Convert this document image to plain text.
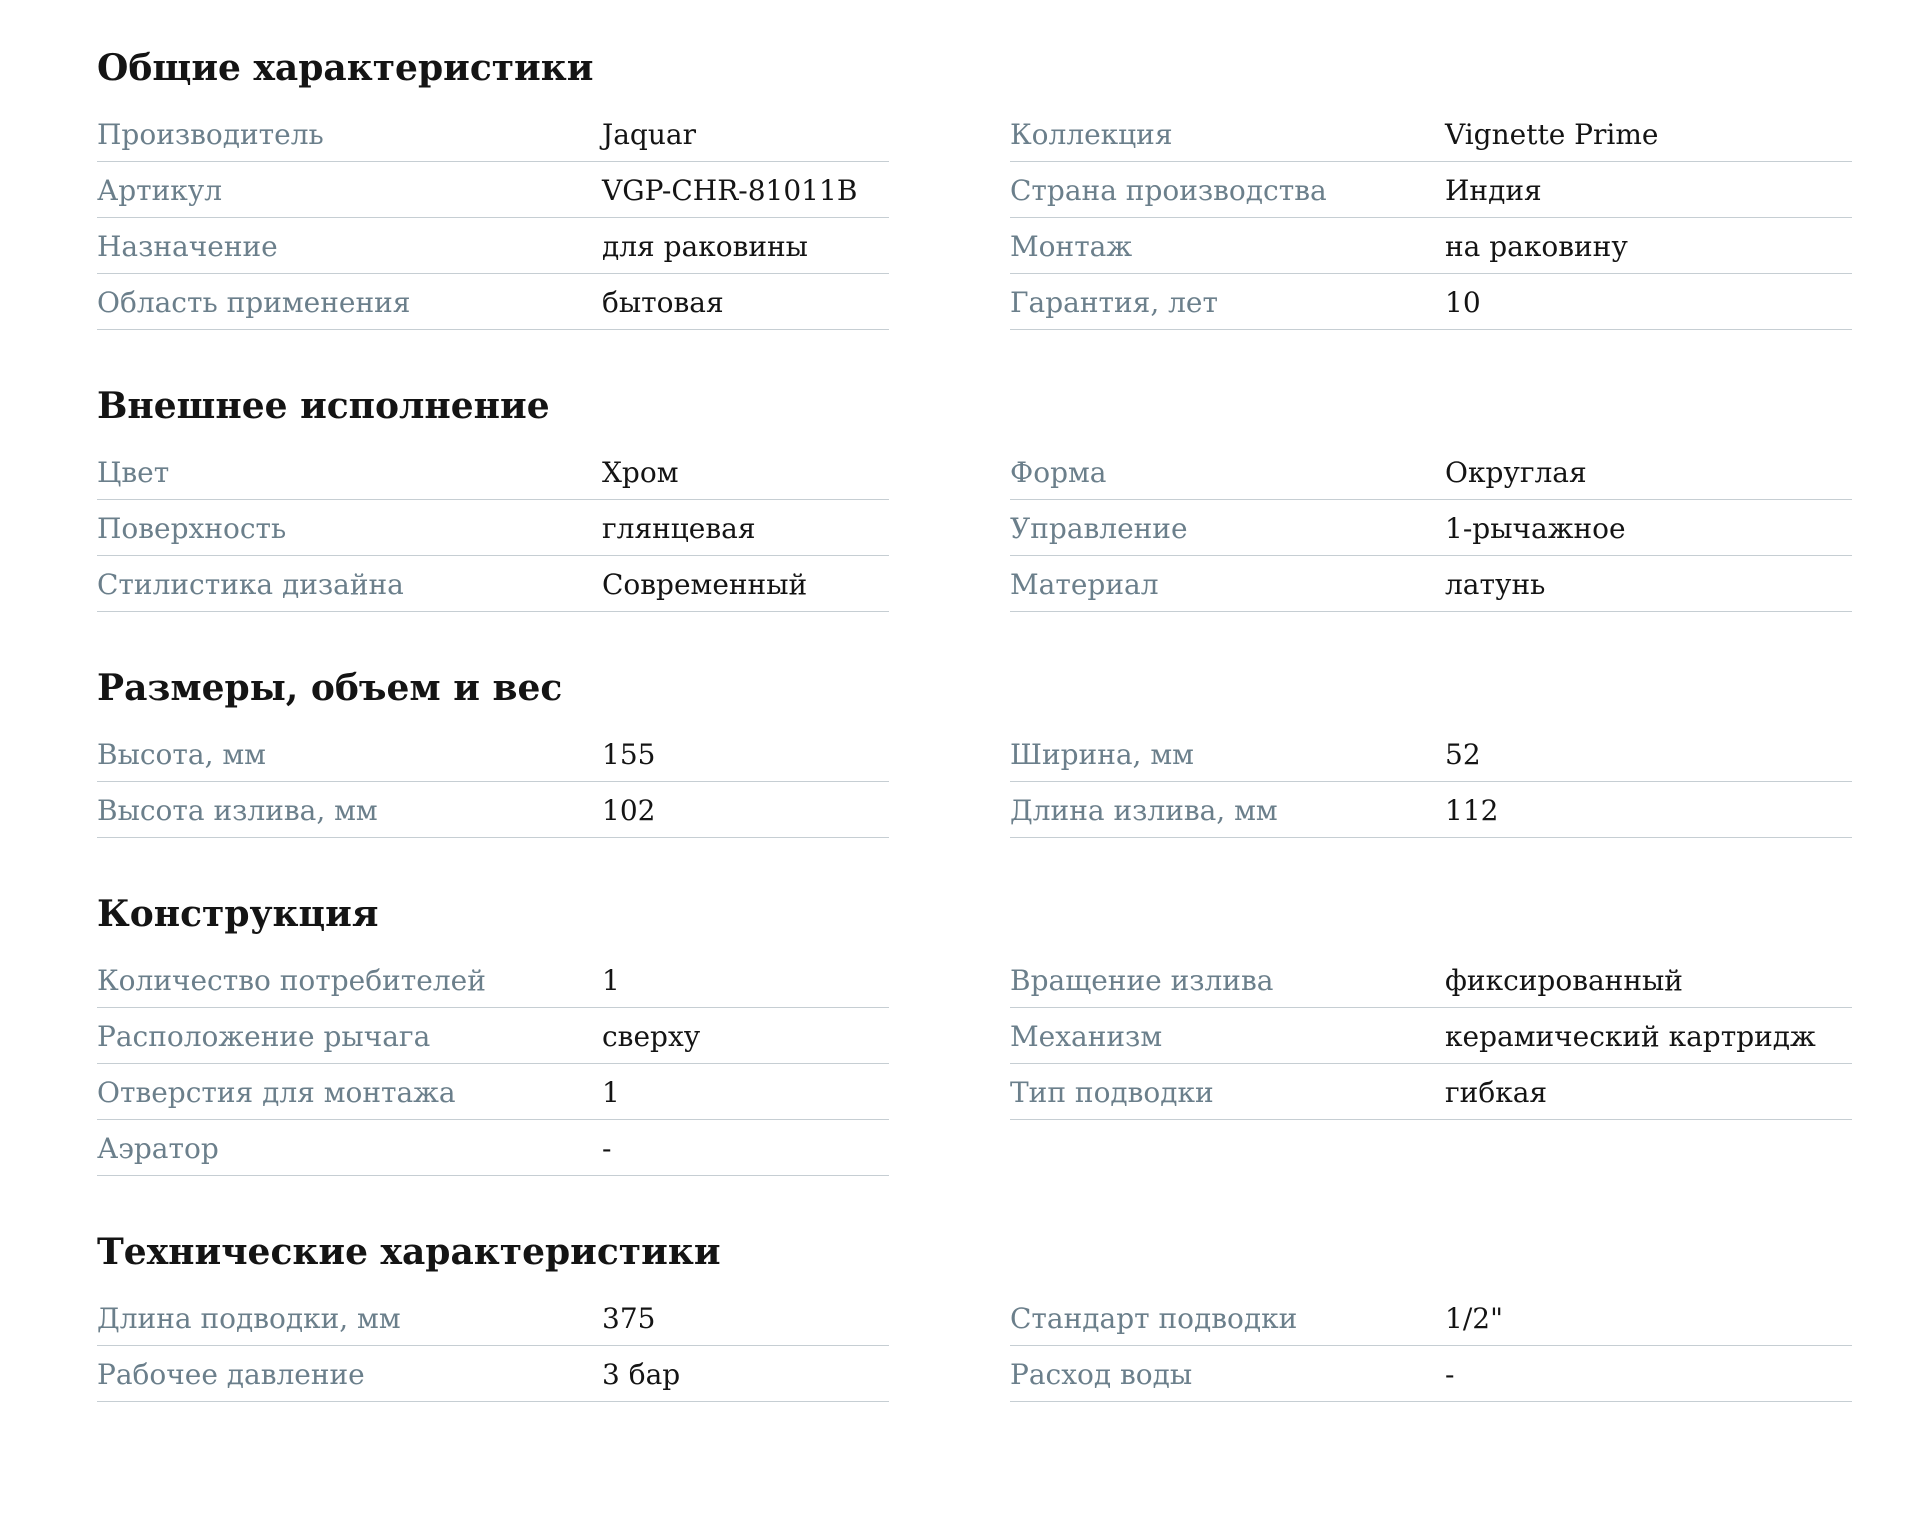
Общие характеристики
Производитель	Jaquar
Артикул	VGP-CHR-81011B
Назначение	для раковины
Область применения	бытовая
Коллекция	Vignette Prime
Страна производства	Индия
Монтаж	на раковину
Гарантия, лет	10
Внешнее исполнение
Цвет	Хром
Поверхность	глянцевая
Стилистика дизайна	Современный
Форма	Округлая
Управление	1-рычажное
Материал	латунь
Размеры, объем и вес
Высота, мм	155
Высота излива, мм	102
Ширина, мм	52
Длина излива, мм	112
Конструкция
Количество потребителей	1
Расположение рычага	сверху
Отверстия для монтажа	1
Аэратор	-
Вращение излива	фиксированный
Механизм	керамический картридж
Тип подводки	гибкая
Технические характеристики
Длина подводки, мм	375
Рабочее давление	3 бар
Стандарт подводки	1/2"
Расход воды	-
